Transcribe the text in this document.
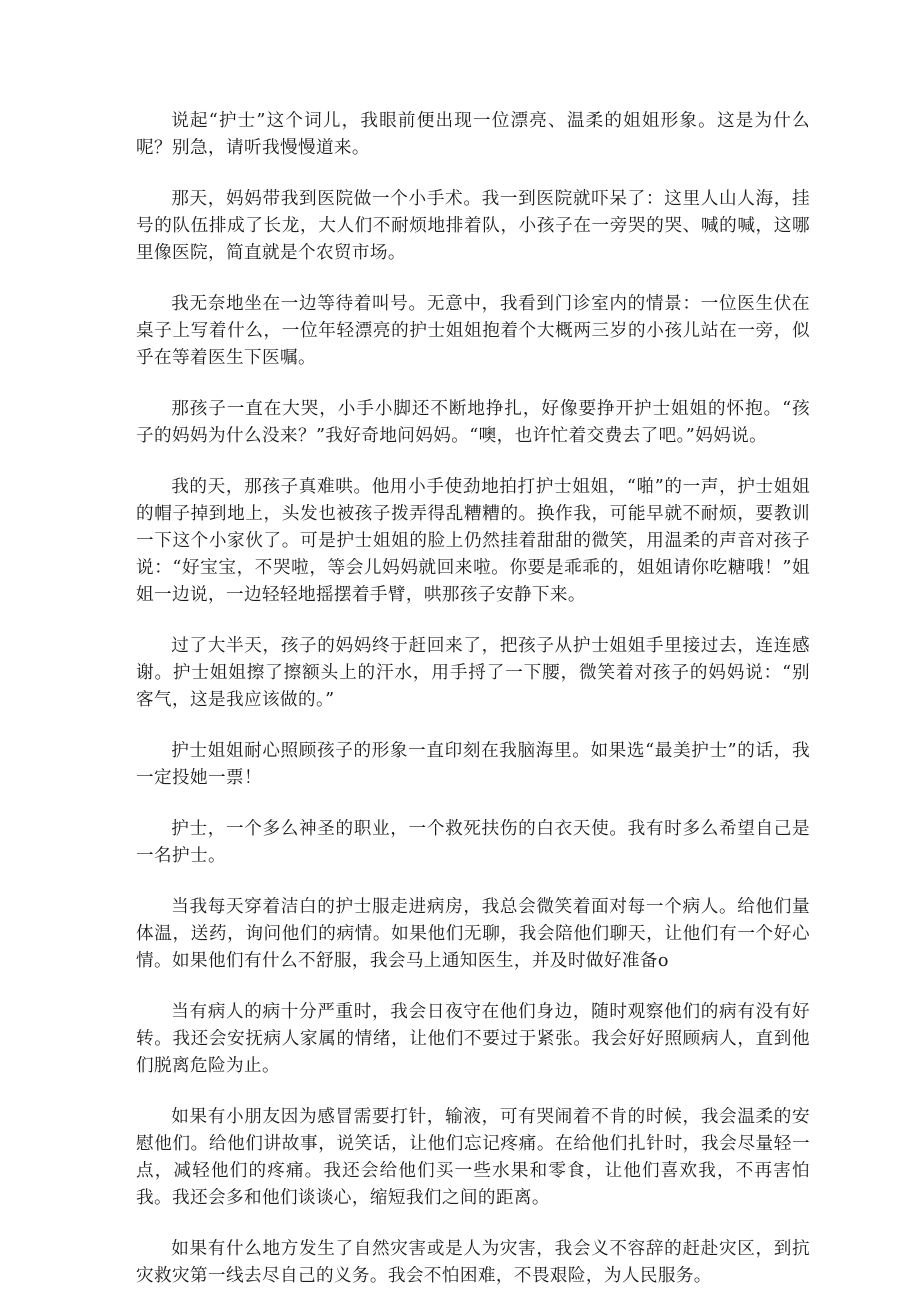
说起“护士”这个词儿，我眼前便出现一位漂亮、温柔的姐姐形象。这是为什么呢？别急，请听我慢慢道来。

那天，妈妈带我到医院做一个小手术。我一到医院就吓呆了：这里人山人海，挂号的队伍排成了长龙，大人们不耐烦地排着队，小孩子在一旁哭的哭、喊的喊，这哪里像医院，简直就是个农贸市场。

我无奈地坐在一边等待着叫号。无意中，我看到门诊室内的情景：一位医生伏在桌子上写着什么，一位年轻漂亮的护士姐姐抱着个大概两三岁的小孩儿站在一旁，似乎在等着医生下医嘱。

那孩子一直在大哭，小手小脚还不断地挣扎，好像要挣开护士姐姐的怀抱。“孩子的妈妈为什么没来？”我好奇地问妈妈。“噢，也许忙着交费去了吧。”妈妈说。

我的天，那孩子真难哄。他用小手使劲地拍打护士姐姐，“啪”的一声，护士姐姐的帽子掉到地上，头发也被孩子拨弄得乱糟糟的。换作我，可能早就不耐烦，要教训一下这个小家伙了。可是护士姐姐的脸上仍然挂着甜甜的微笑，用温柔的声音对孩子说：“好宝宝，不哭啦，等会儿妈妈就回来啦。你要是乖乖的，姐姐请你吃糖哦！”姐姐一边说，一边轻轻地摇摆着手臂，哄那孩子安静下来。

过了大半天，孩子的妈妈终于赶回来了，把孩子从护士姐姐手里接过去，连连感谢。护士姐姐擦了擦额头上的汗水，用手捋了一下腰，微笑着对孩子的妈妈说：“别客气，这是我应该做的。”

护士姐姐耐心照顾孩子的形象一直印刻在我脑海里。如果选“最美护士”的话，我一定投她一票！

护士，一个多么神圣的职业，一个救死扶伤的白衣天使。我有时多么希望自己是一名护士。

当我每天穿着洁白的护士服走进病房，我总会微笑着面对每一个病人。给他们量体温，送药，询问他们的病情。如果他们无聊，我会陪他们聊天，让他们有一个好心情。如果他们有什么不舒服，我会马上通知医生，并及时做好准备o

当有病人的病十分严重时，我会日夜守在他们身边，随时观察他们的病有没有好转。我还会安抚病人家属的情绪，让他们不要过于紧张。我会好好照顾病人，直到他们脱离危险为止。

如果有小朋友因为感冒需要打针，输液，可有哭闹着不肯的时候，我会温柔的安慰他们。给他们讲故事，说笑话，让他们忘记疼痛。在给他们扎针时，我会尽量轻一点，减轻他们的疼痛。我还会给他们买一些水果和零食，让他们喜欢我，不再害怕我。我还会多和他们谈谈心，缩短我们之间的距离。

如果有什么地方发生了自然灾害或是人为灾害，我会义不容辞的赶赴灾区，到抗灾救灾第一线去尽自己的义务。我会不怕困难，不畏艰险，为人民服务。
